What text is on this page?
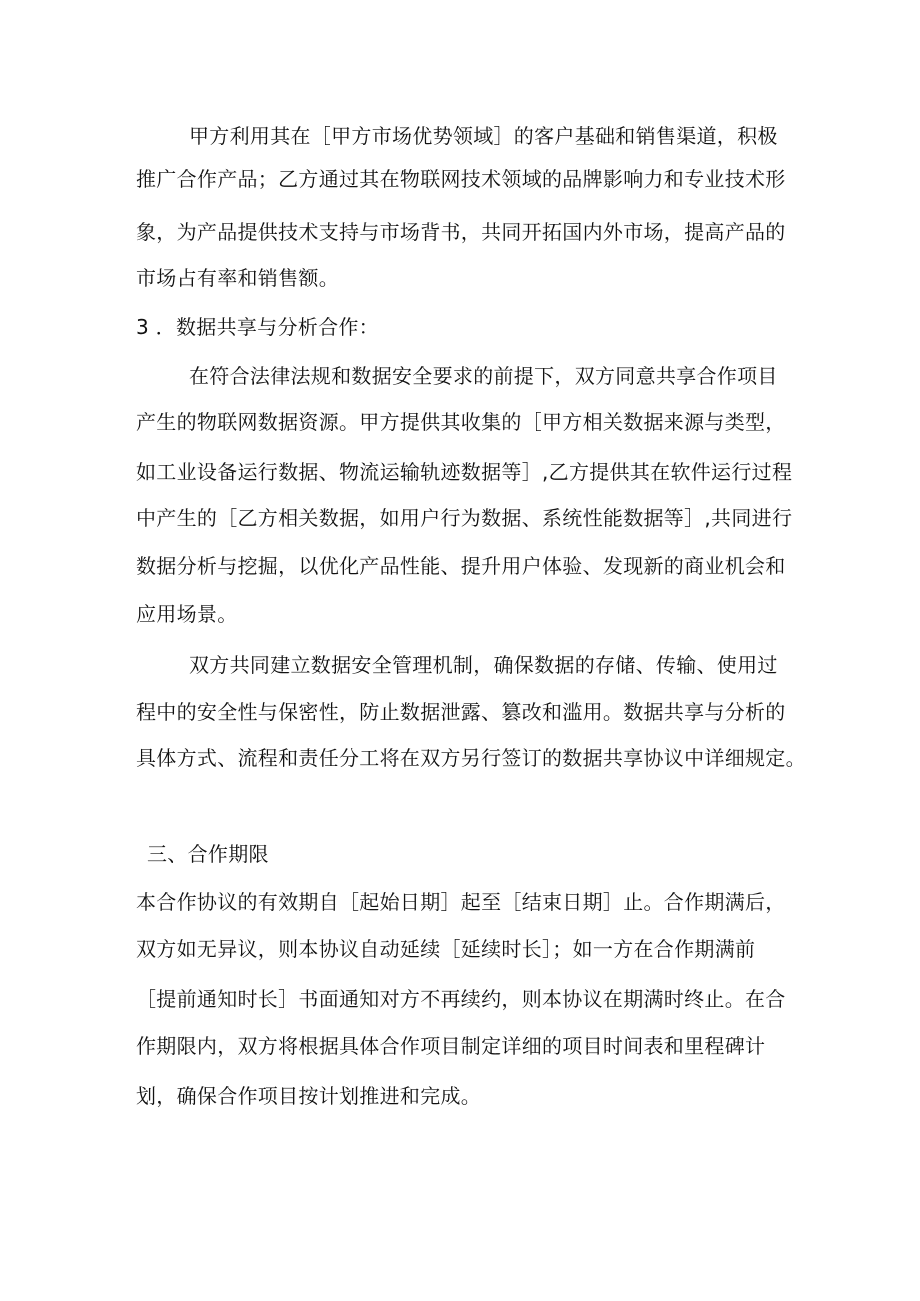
甲方利用其在［甲方市场优势领域］的客户基础和销售渠道，积极
推广合作产品；乙方通过其在物联网技术领域的品牌影响力和专业技术形
象，为产品提供技术支持与市场背书，共同开拓国内外市场，提高产品的
市场占有率和销售额。
3 ．数据共享与分析合作：
在符合法律法规和数据安全要求的前提下，双方同意共享合作项目
产生的物联网数据资源。甲方提供其收集的［甲方相关数据来源与类型，
如工业设备运行数据、物流运输轨迹数据等］,乙方提供其在软件运行过程
中产生的［乙方相关数据，如用户行为数据、系统性能数据等］,共同进行
数据分析与挖掘，以优化产品性能、提升用户体验、发现新的商业机会和
应用场景。
双方共同建立数据安全管理机制，确保数据的存储、传输、使用过
程中的安全性与保密性，防止数据泄露、篡改和滥用。数据共享与分析的
具体方式、流程和责任分工将在双方另行签订的数据共享协议中详细规定。
三、合作期限
本合作协议的有效期自［起始日期］起至［结束日期］止。合作期满后，
双方如无异议，则本协议自动延续［延续时长］；如一方在合作期满前
［提前通知时长］书面通知对方不再续约，则本协议在期满时终止。在合
作期限内，双方将根据具体合作项目制定详细的项目时间表和里程碑计
划，确保合作项目按计划推进和完成。
